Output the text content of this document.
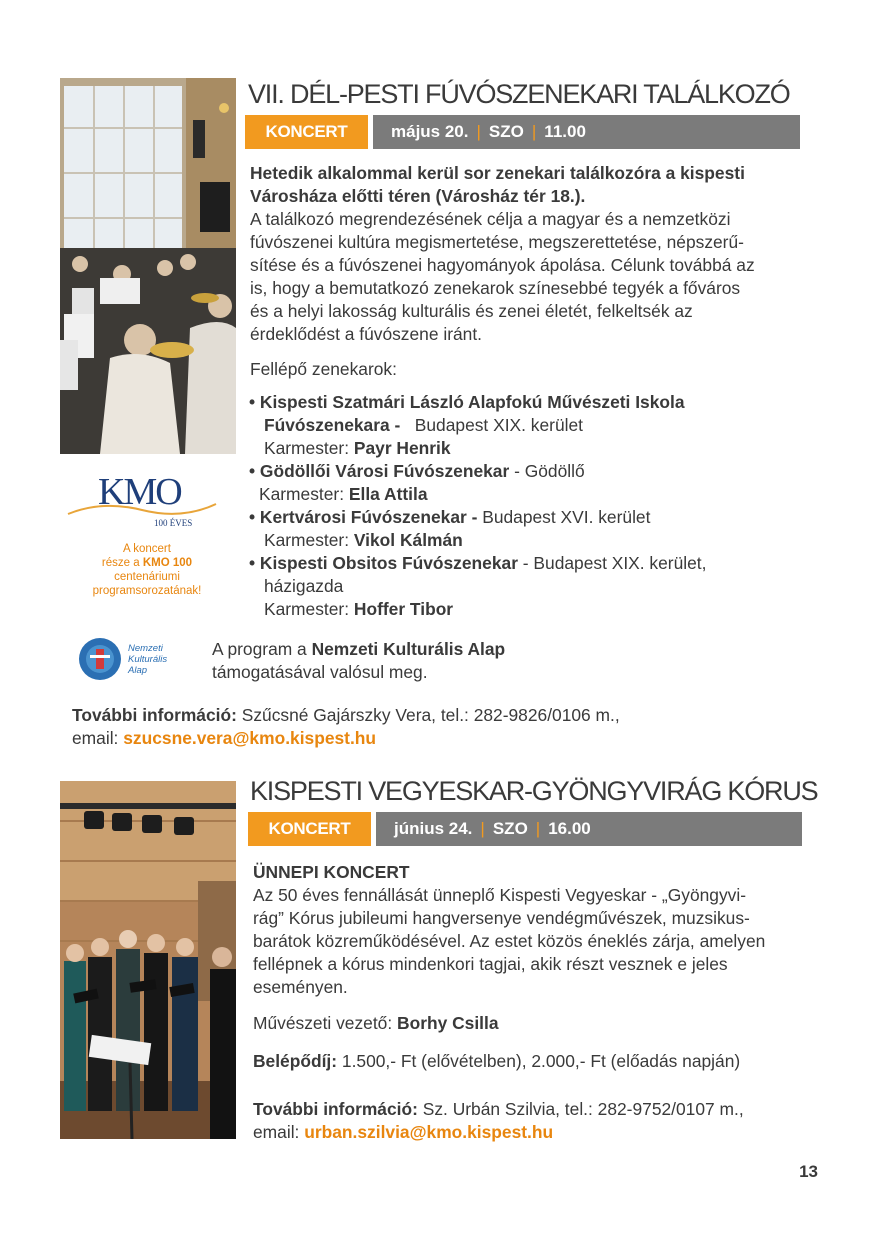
VII. DÉL-PESTI FÚVÓSZENEKARI TALÁLKOZÓ
KONCERT	május 20. | SZO | 11.00
Hetedik alkalommal kerül sor zenekari találkozóra a kispesti
Városháza előtti téren (Városház tér 18.).
A találkozó megrendezésének célja a magyar és a nemzetközi
fúvószenei kultúra megismertetése, megszerettetése, népszerű-
sítése és a fúvószenei hagyományok ápolása. Célunk továbbá az
is, hogy a bemutatkozó zenekarok színesebbé tegyék a főváros
és a helyi lakosság kulturális és zenei életét, felkeltsék az
érdeklődést a fúvószene iránt.
Fellépő zenekarok:
• Kispesti Szatmári László Alapfokú Művészeti Iskola
Fúvószenekara - Budapest XIX. kerület
Karmester: Payr Henrik
• Gödöllői Városi Fúvószenekar - Gödöllő
Karmester: Ella Attila
• Kertvárosi Fúvószenekar - Budapest XVI. kerület
Karmester: Vikol Kálmán
• Kispesti Obsitos Fúvószenekar - Budapest XIX. kerület,
házigazda
Karmester: Hoffer Tibor
KMO
100 ÉVES
A koncert
része a KMO 100
centenáriumi
programsorozatának!
Nemzeti
Kulturális
Alap
A program a Nemzeti Kulturális Alap
támogatásával valósul meg.
További információ: Szűcsné Gajárszky Vera, tel.: 282-9826/0106 m.,
email: szucsne.vera@kmo.kispest.hu
KISPESTI VEGYESKAR-GYÖNGYVIRÁG KÓRUS
KONCERT	június 24. | SZO | 16.00
ÜNNEPI KONCERT
Az 50 éves fennállását ünneplő Kispesti Vegyeskar - „Gyöngyvi-
rág” Kórus jubileumi hangversenye vendégművészek, muzsikus-
barátok közreműködésével. Az estet közös éneklés zárja, amelyen
fellépnek a kórus mindenkori tagjai, akik részt vesznek e jeles
eseményen.
Művészeti vezető: Borhy Csilla
Belépődíj: 1.500,- Ft (elővételben), 2.000,- Ft (előadás napján)
További információ: Sz. Urbán Szilvia, tel.: 282-9752/0107 m.,
email: urban.szilvia@kmo.kispest.hu
13
